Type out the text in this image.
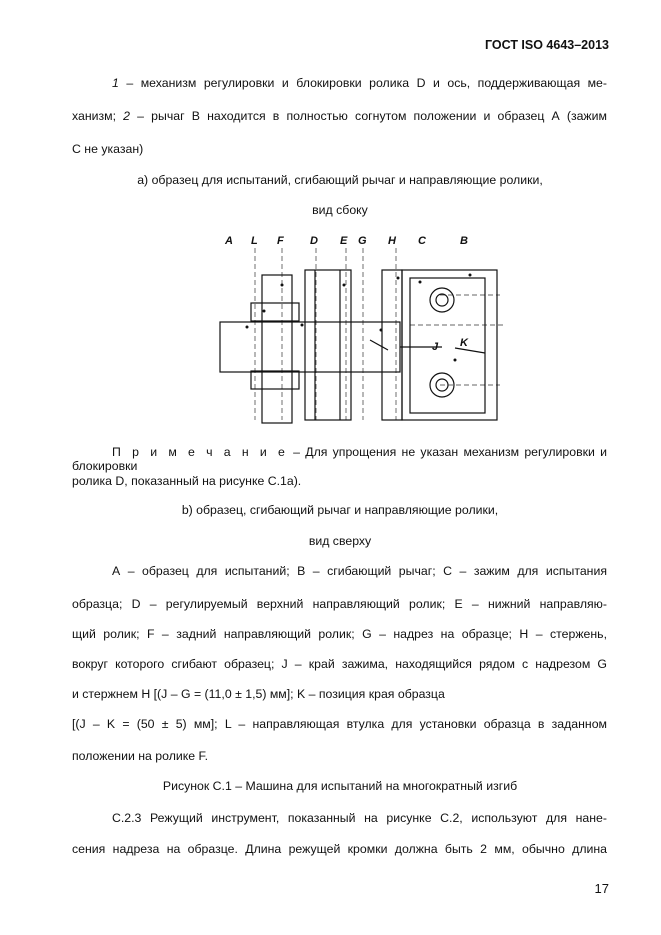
ГОСТ ISO 4643–2013
1 – механизм регулировки и блокировки ролика D и ось, поддерживающая ме-
ханизм; 2 – рычаг В находится в полностью согнутом положении и образец А (зажим
С не указан)
а) образец для испытаний, сгибающий рычаг и направляющие ролики,
вид сбоку
A L F D E G H C	B
J K
П р и м е ч а н и е – Для упрощения не указан механизм регулировки и блокировки
ролика D, показанный на рисунке С.1а).
b) образец, сгибающий рычаг и направляющие ролики,
вид сверху
А – образец для испытаний; В – сгибающий рычаг; С – зажим для испытания
образца; D – регулируемый верхний направляющий ролик; Е – нижний направляю-
щий ролик; F – задний направляющий ролик; G – надрез на образце; Н – стержень,
вокруг которого сгибают образец; J – край зажима, находящийся рядом с надрезом G
и стержнем Н [(J – G = (11,0 ± 1,5) мм]; K – позиция края образца
[(J – K = (50 ± 5) мм]; L – направляющая втулка для установки образца в заданном
положении на ролике F.
Рисунок С.1 – Машина для испытаний на многократный изгиб
С.2.3 Режущий инструмент, показанный на рисунке С.2, используют для нане-
сения надреза на образце. Длина режущей кромки должна быть 2 мм, обычно длина
17
